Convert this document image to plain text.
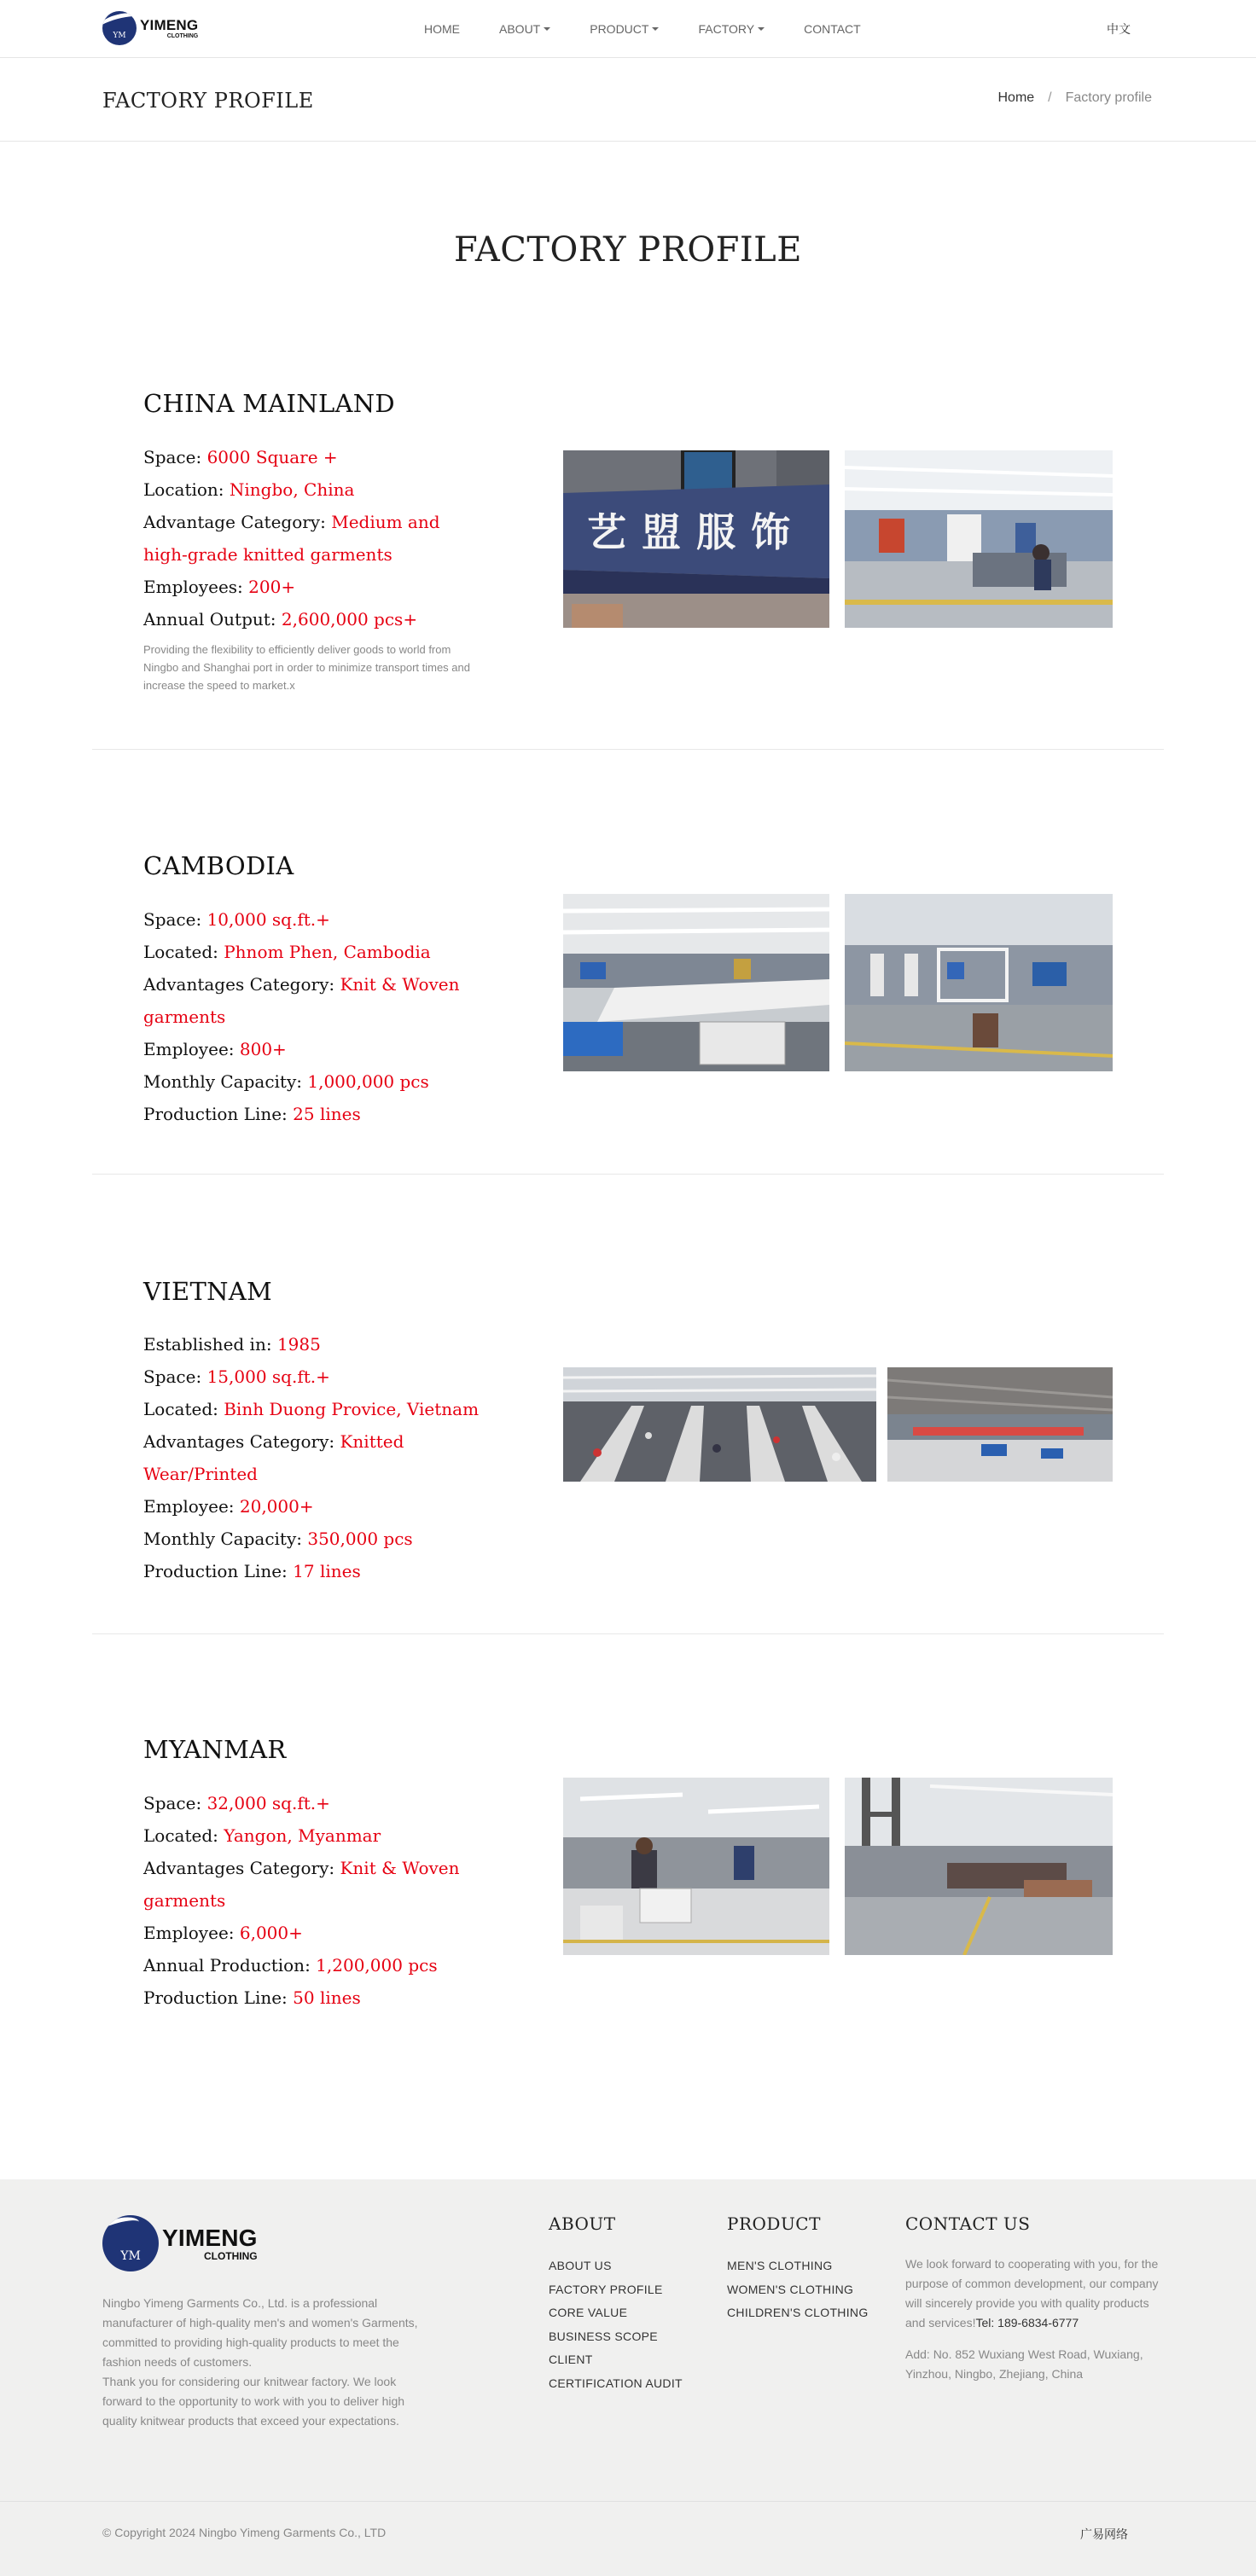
YM
YIMENG
CLOTHING	HOME	ABOUT	PRODUCT	FACTORY	CONTACT	中文
FACTORY PROFILE	Home / Factory profile
FACTORY PROFILE
CHINA MAINLAND
Space: 6000 Square +
Location: Ningbo, China
Advantage Category: Medium and high-grade knitted garments
Employees: 200+
Annual Output: 2,600,000 pcs+
Providing the flexibility to efficiently deliver goods to world from Ningbo and Shanghai port in order to minimize transport times and increase the speed to market.x
艺盟服饰
CAMBODIA
Space: 10,000 sq.ft.+
Located: Phnom Phen, Cambodia
Advantages Category: Knit & Woven garments
Employee: 800+
Monthly Capacity: 1,000,000 pcs
Production Line: 25 lines
VIETNAM
Established in: 1985
Space: 15,000 sq.ft.+
Located: Binh Duong Provice, Vietnam
Advantages Category: Knitted Wear/Printed
Employee: 20,000+
Monthly Capacity: 350,000 pcs
Production Line: 17 lines
MYANMAR
Space: 32,000 sq.ft.+
Located: Yangon, Myanmar
Advantages Category: Knit & Woven garments
Employee: 6,000+
Annual Production: 1,200,000 pcs
Production Line: 50 lines
YM
YIMENG
CLOTHING
Ningbo Yimeng Garments Co., Ltd. is a professional manufacturer of high-quality men's and women's Garments, committed to providing high-quality products to meet the fashion needs of customers.
Thank you for considering our knitwear factory. We look forward to the opportunity to work with you to deliver high quality knitwear products that exceed your expectations.
ABOUT
ABOUT US
FACTORY PROFILE
CORE VALUE
BUSINESS SCOPE
CLIENT
CERTIFICATION AUDIT
PRODUCT
MEN'S CLOTHING
WOMEN'S CLOTHING
CHILDREN'S CLOTHING
CONTACT US
We look forward to cooperating with you, for the purpose of common development, our company will sincerely provide you with quality products and services!Tel: 189-6834-6777
Add: No. 852 Wuxiang West Road, Wuxiang, Yinzhou, Ningbo, Zhejiang, China
© Copyright 2024 Ningbo Yimeng Garments Co., LTD	广易网络
